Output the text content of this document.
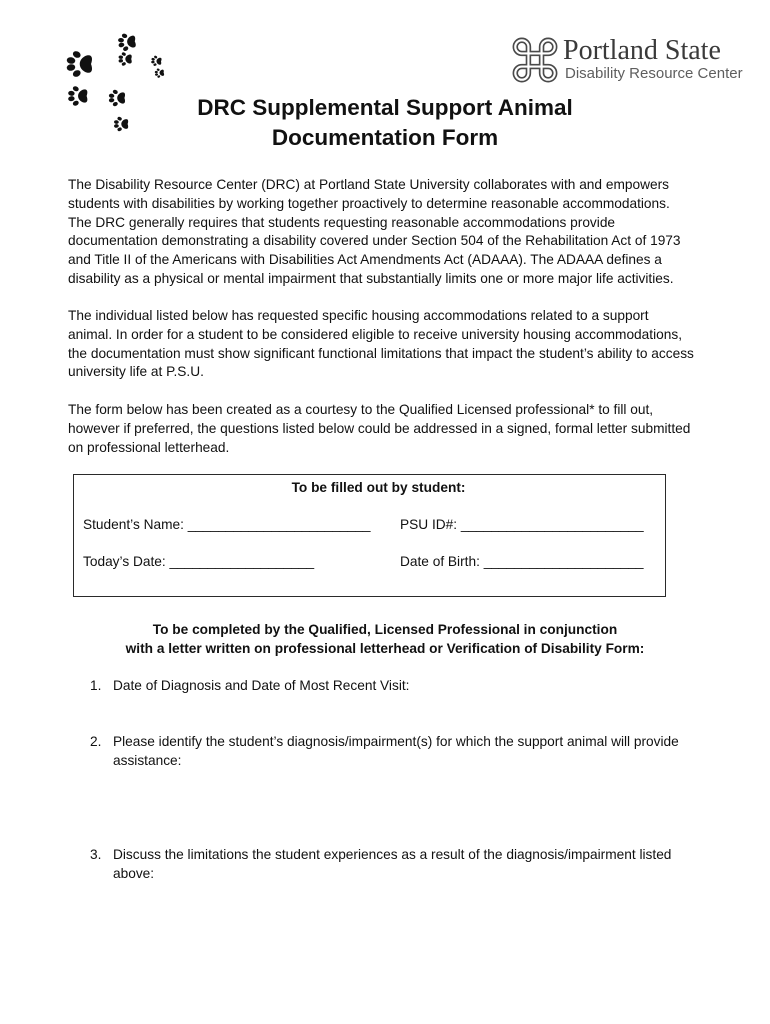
Portland State
Disability Resource Center
DRC Supplemental Support Animal
Documentation Form
The Disability Resource Center (DRC) at Portland State University collaborates with and empowers
students with disabilities by working together proactively to determine reasonable accommodations.
The DRC generally requires that students requesting reasonable accommodations provide
documentation demonstrating a disability covered under Section 504 of the Rehabilitation Act of 1973
and Title II of the Americans with Disabilities Act Amendments Act (ADAAA). The ADAAA defines a
disability as a physical or mental impairment that substantially limits one or more major life activities.
The individual listed below has requested specific housing accommodations related to a support
animal. In order for a student to be considered eligible to receive university housing accommodations,
the documentation must show significant functional limitations that impact the student’s ability to access
university life at P.S.U.
The form below has been created as a courtesy to the Qualified Licensed professional* to fill out,
however if preferred, the questions listed below could be addressed in a signed, formal letter submitted
on professional letterhead.
To be filled out by student:
Student’s Name: ________________________ PSU ID#: ________________________
Today’s Date: ___________________	Date of Birth: _____________________
To be completed by the Qualified, Licensed Professional in conjunction
with a letter written on professional letterhead or Verification of Disability Form:
1. Date of Diagnosis and Date of Most Recent Visit:
2. Please identify the student’s diagnosis/impairment(s) for which the support animal will provide
assistance:
3. Discuss the limitations the student experiences as a result of the diagnosis/impairment listed
above:
